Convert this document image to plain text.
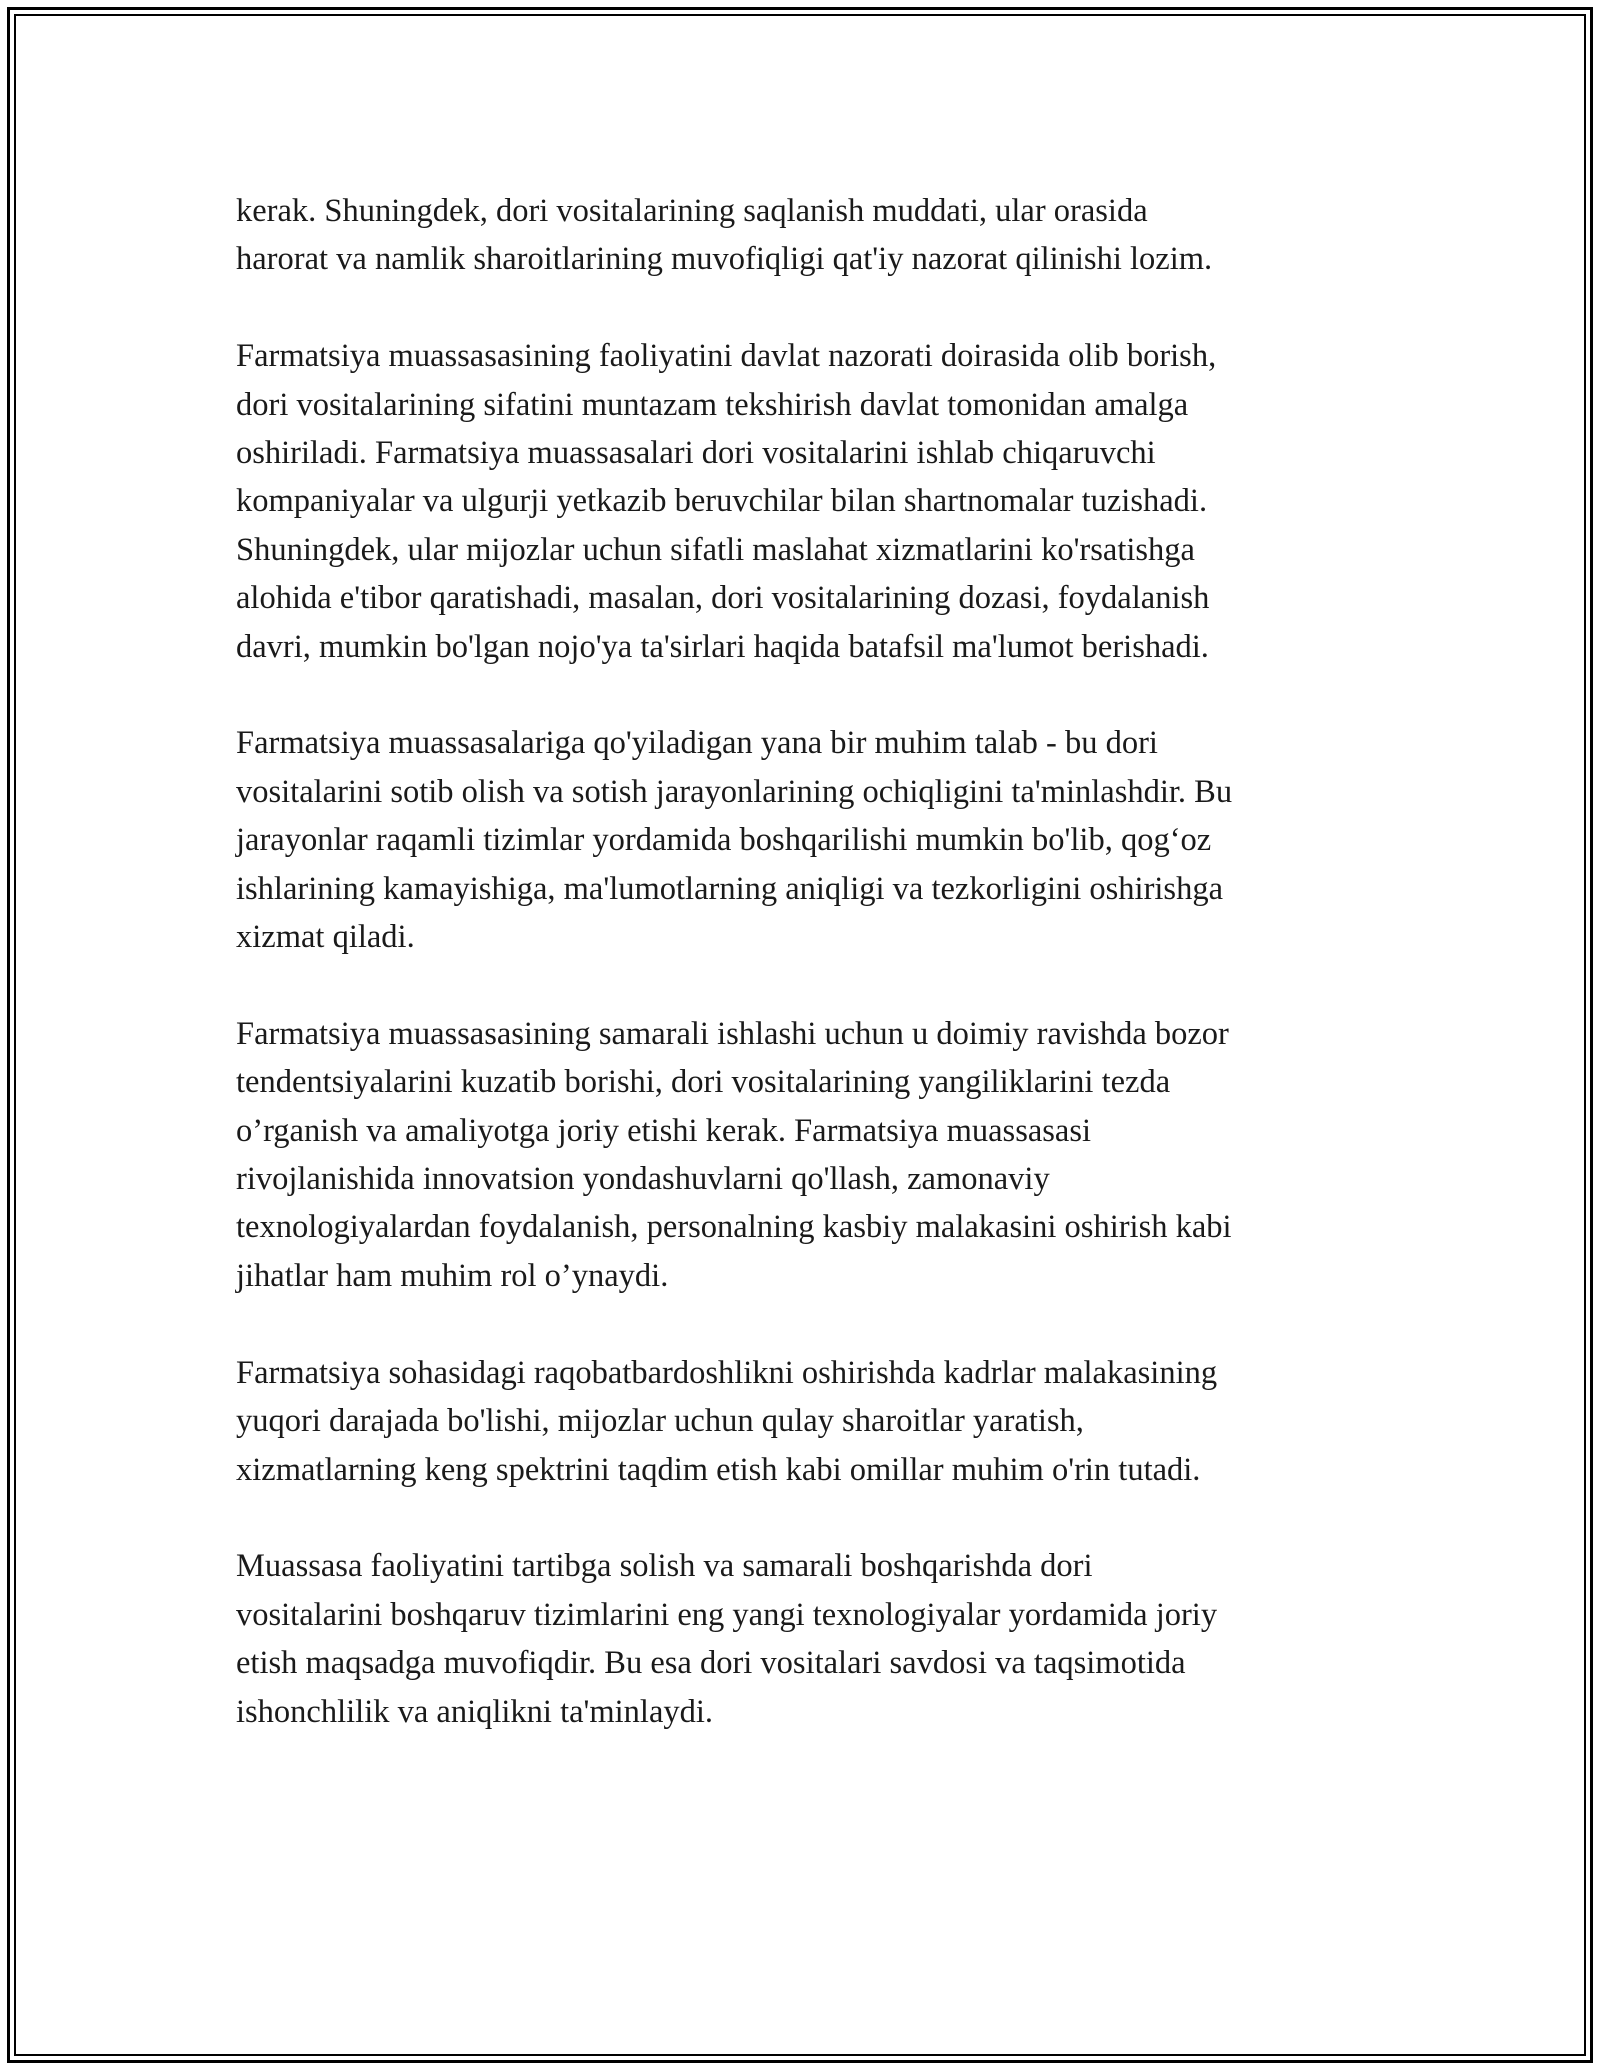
kerak. Shuningdek, dori vositalarining saqlanish muddati, ular orasida
harorat va namlik sharoitlarining muvofiqligi qat'iy nazorat qilinishi lozim.

Farmatsiya muassasasining faoliyatini davlat nazorati doirasida olib borish,
dori vositalarining sifatini muntazam tekshirish davlat tomonidan amalga
oshiriladi. Farmatsiya muassasalari dori vositalarini ishlab chiqaruvchi
kompaniyalar va ulgurji yetkazib beruvchilar bilan shartnomalar tuzishadi.
Shuningdek, ular mijozlar uchun sifatli maslahat xizmatlarini ko'rsatishga
alohida e'tibor qaratishadi, masalan, dori vositalarining dozasi, foydalanish
davri, mumkin bo'lgan nojo'ya ta'sirlari haqida batafsil ma'lumot berishadi.

Farmatsiya muassasalariga qo'yiladigan yana bir muhim talab - bu dori
vositalarini sotib olish va sotish jarayonlarining ochiqligini ta'minlashdir. Bu
jarayonlar raqamli tizimlar yordamida boshqarilishi mumkin bo'lib, qog‘oz
ishlarining kamayishiga, ma'lumotlarning aniqligi va tezkorligini oshirishga
xizmat qiladi.

Farmatsiya muassasasining samarali ishlashi uchun u doimiy ravishda bozor
tendentsiyalarini kuzatib borishi, dori vositalarining yangiliklarini tezda
o’rganish va amaliyotga joriy etishi kerak. Farmatsiya muassasasi
rivojlanishida innovatsion yondashuvlarni qo'llash, zamonaviy
texnologiyalardan foydalanish, personalning kasbiy malakasini oshirish kabi
jihatlar ham muhim rol o’ynaydi.

Farmatsiya sohasidagi raqobatbardoshlikni oshirishda kadrlar malakasining
yuqori darajada bo'lishi, mijozlar uchun qulay sharoitlar yaratish,
xizmatlarning keng spektrini taqdim etish kabi omillar muhim o'rin tutadi.

Muassasa faoliyatini tartibga solish va samarali boshqarishda dori
vositalarini boshqaruv tizimlarini eng yangi texnologiyalar yordamida joriy
etish maqsadga muvofiqdir. Bu esa dori vositalari savdosi va taqsimotida
ishonchlilik va aniqlikni ta'minlaydi.
